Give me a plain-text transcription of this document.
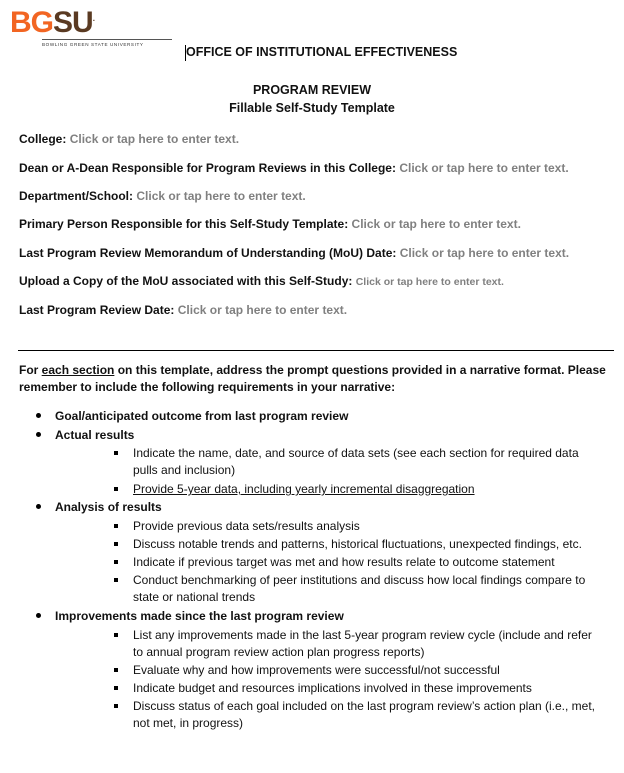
BGSU.
BOWLING GREEN STATE UNIVERSITY
OFFICE OF INSTITUTIONAL EFFECTIVENESS
PROGRAM REVIEW
Fillable Self-Study Template
College: Click or tap here to enter text.
Dean or A-Dean Responsible for Program Reviews in this College: Click or tap here to enter text.
Department/School: Click or tap here to enter text.
Primary Person Responsible for this Self-Study Template: Click or tap here to enter text.
Last Program Review Memorandum of Understanding (MoU) Date: Click or tap here to enter text.
Upload a Copy of the MoU associated with this Self-Study: Click or tap here to enter text.
Last Program Review Date: Click or tap here to enter text.
For each section on this template, address the prompt questions provided in a narrative format. Please remember to include the following requirements in your narrative:
Goal/anticipated outcome from last program review
Actual results
Indicate the name, date, and source of data sets (see each section for required data pulls and inclusion)
Provide 5-year data, including yearly incremental disaggregation
Analysis of results
Provide previous data sets/results analysis
Discuss notable trends and patterns, historical fluctuations, unexpected findings, etc.
Indicate if previous target was met and how results relate to outcome statement
Conduct benchmarking of peer institutions and discuss how local findings compare to state or national trends
Improvements made since the last program review
List any improvements made in the last 5-year program review cycle (include and refer to annual program review action plan progress reports)
Evaluate why and how improvements were successful/not successful
Indicate budget and resources implications involved in these improvements
Discuss status of each goal included on the last program review’s action plan (i.e., met, not met, in progress)
